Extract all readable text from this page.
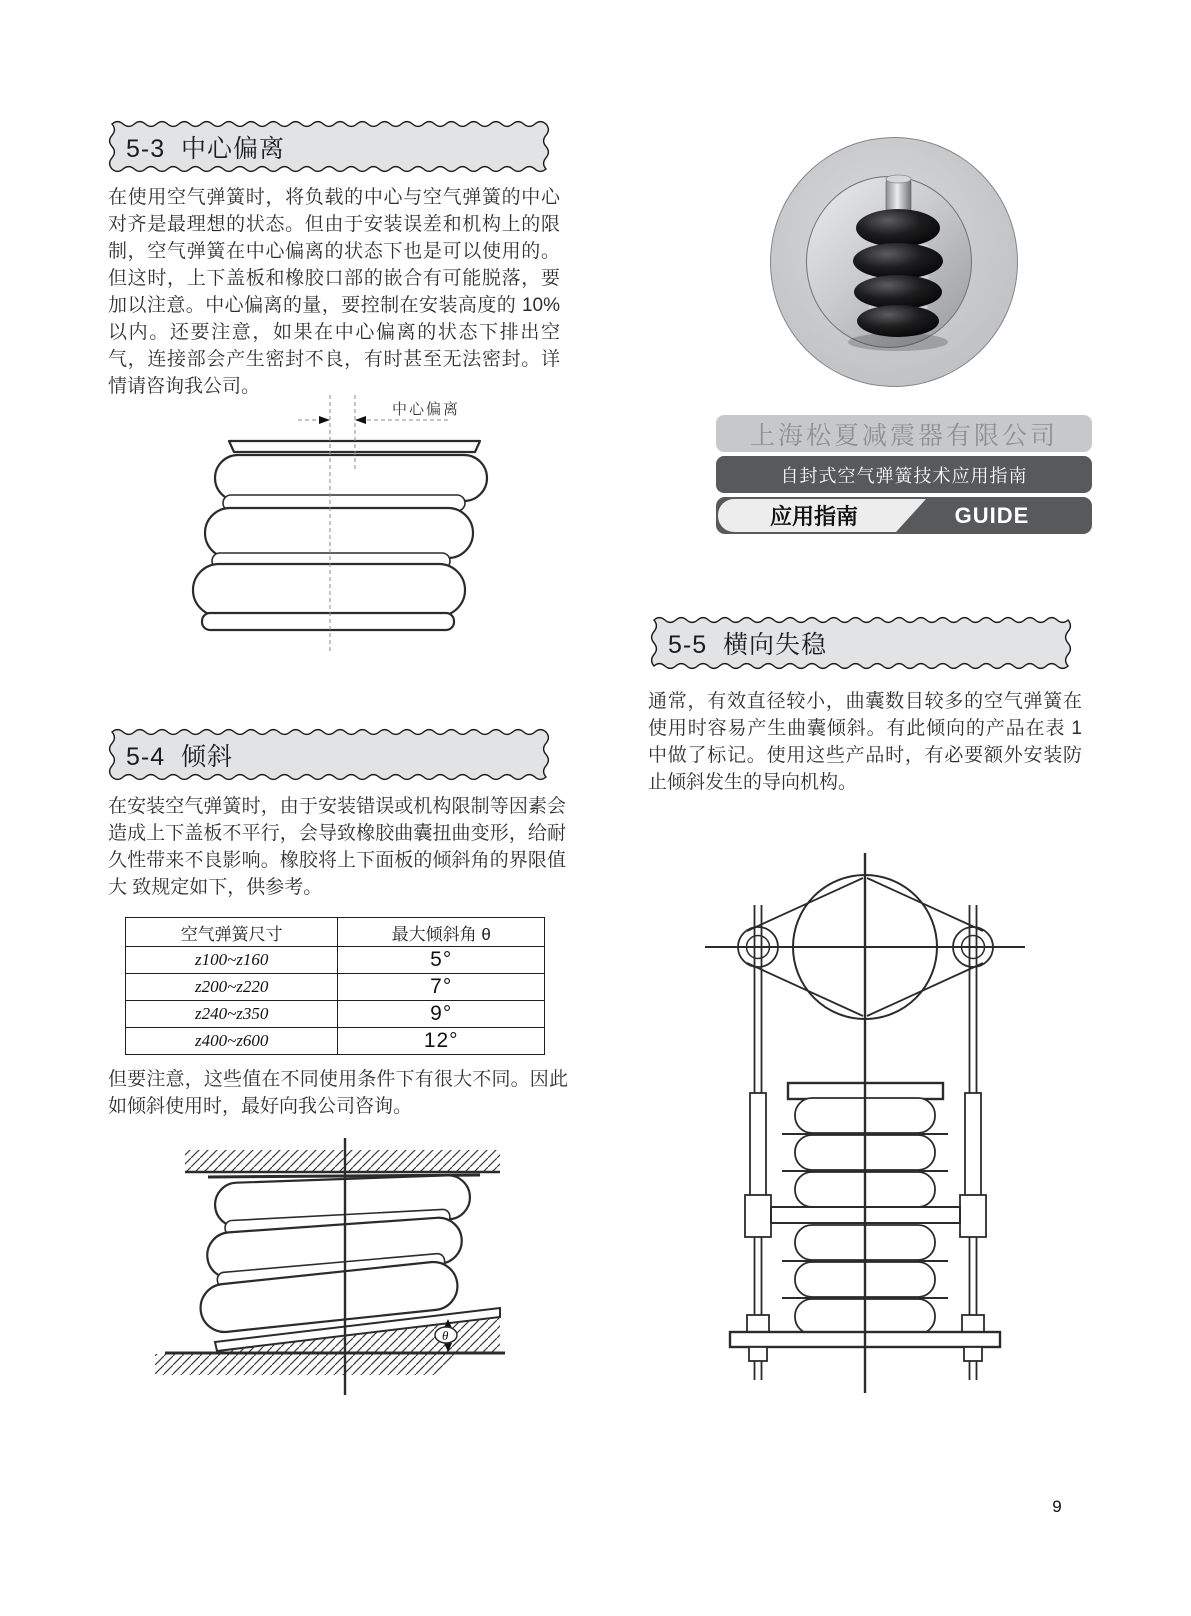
5-3  中心偏离
在使用空气弹簧时，将负载的中心与空气弹簧的中心对齐是最理想的状态。但由于安装误差和机构上的限制，空气弹簧在中心偏离的状态下也是可以使用的。但这时，上下盖板和橡胶口部的嵌合有可能脱落，要加以注意。中心偏离的量，要控制在安装高度的 10% 以内。还要注意，如果在中心偏离的状态下排出空气，连接部会产生密封不良，有时甚至无法密封。详情请咨询我公司。
中心偏离
5-4  倾斜
在安装空气弹簧时，由于安装错误或机构限制等因素会造成上下盖板不平行，会导致橡胶曲囊扭曲变形，给耐久性带来不良影响。橡胶将上下面板的倾斜角的界限值大 致规定如下，供参考。
空气弹簧尺寸	最大倾斜角 θ
z100~z160	5°
z200~z220	7°
z240~z350	9°
z400~z600	12°
但要注意，这些值在不同使用条件下有很大不同。因此如倾斜使用时，最好向我公司咨询。
θ
上海松夏减震器有限公司
自封式空气弹簧技术应用指南
应用指南	GUIDE
5-5  横向失稳
通常，有效直径较小，曲囊数目较多的空气弹簧在使用时容易产生曲囊倾斜。有此倾向的产品在表 1 中做了标记。使用这些产品时，有必要额外安装防止倾斜发生的导向机构。
9
